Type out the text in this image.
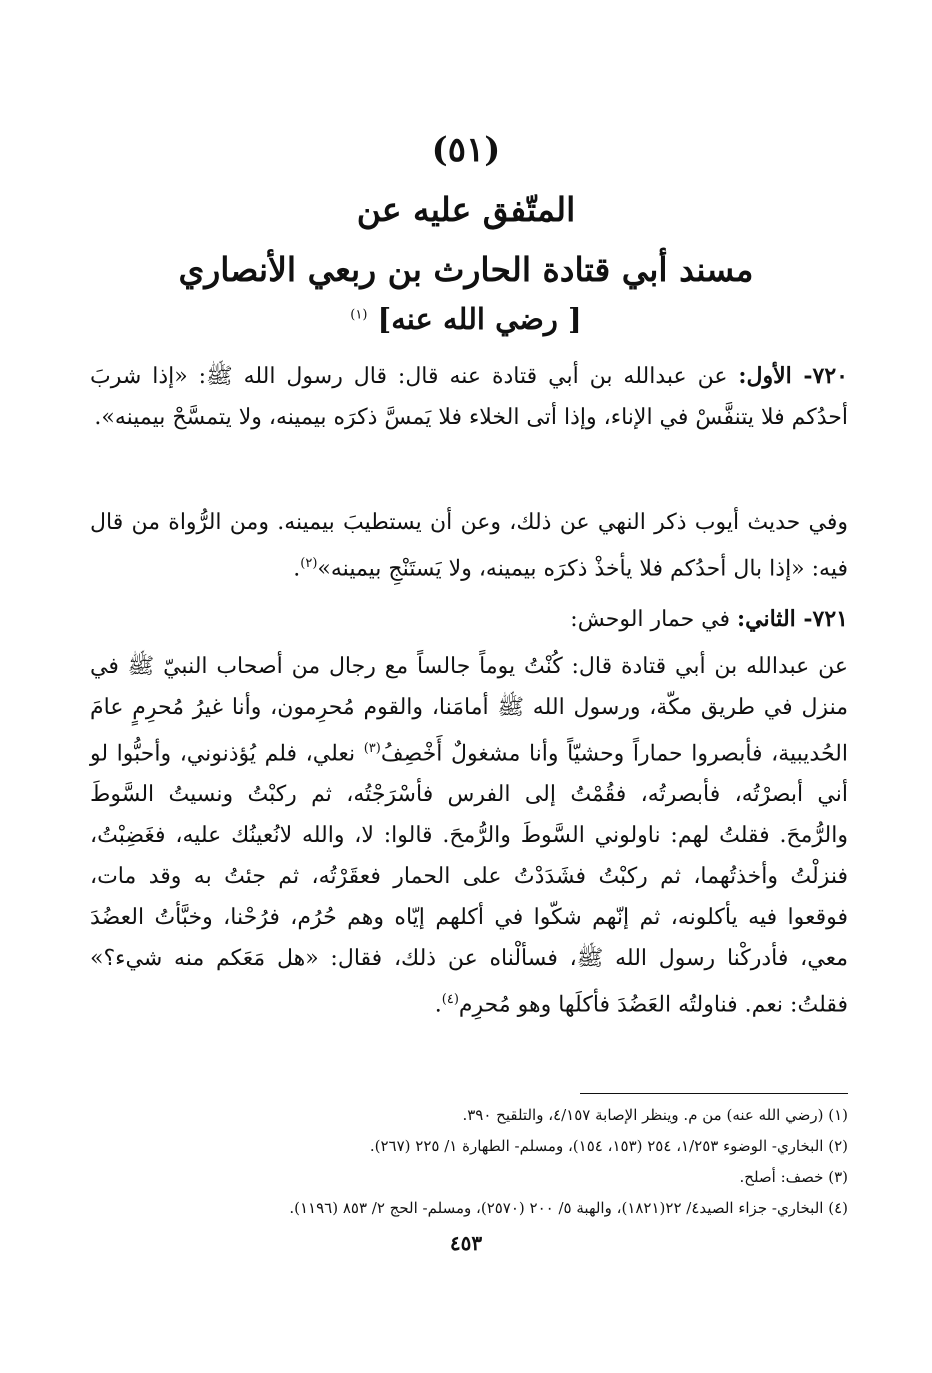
(٥١)
المتّفق عليه عن
مسند أبي قتادة الحارث بن ربعي الأنصاري
[ رضي الله عنه] $^{(١)}$
٧٢٠- الأول: عن عبدالله بن أبي قتادة عنه قال: قال رسول الله ﷺ: «إذا شربَ أحدُكم فلا يتنفَّسْ في الإناء، وإذا أتى الخلاء فلا يَمسَّ ذكرَه بيمينه، ولا يتمسَّحْ بيمينه».
وفي حديث أيوب ذكر النهي عن ذلك، وعن أن يستطيبَ بيمينه. ومن الرُّواة من قال فيه: «إذا بال أحدُكم فلا يأخذْ ذكرَه بيمينه، ولا يَستَنْجِ بيمينه»$^{(٢)}$.
٧٢١- الثاني: في حمار الوحش:
عن عبدالله بن أبي قتادة قال: كُنْتُ يوماً جالساً مع رجال من أصحاب النبيّ ﷺ في منزل في طريق مكّة، ورسول الله ﷺ أمامَنا، والقوم مُحرِمون، وأنا غيرُ مُحرِمٍ عامَ الحُديبية، فأبصروا حماراً وحشيّاً وأنا مشغولٌ أَخْصِفُ$^{(٣)}$ نعلي، فلم يُؤذنوني، وأحبُّوا لو أني أبصرْتُه، فأبصرتُه، فقُمْتُ إلى الفرس فأسْرَجْتُه، ثم ركبْتُ ونسيتُ السَّوطَ والرُّمحَ. فقلتُ لهم: ناولوني السَّوطَ والرُّمحَ. قالوا: لا، والله لانُعينُك عليه، فغَضِبْتُ، فنزلْتُ وأخذتُهما، ثم ركبْتُ فشَدَدْتُ على الحمار فعقَرْتُه، ثم جئتُ به وقد مات، فوقعوا فيه يأكلونه، ثم إنّهم شكّوا في أكلهم إيّاه وهم حُرُم، فرُحْنا، وخبَّأتُ العضُدَ معي، فأدركْنا رسول الله ﷺ، فسألْناه عن ذلك، فقال: «هل مَعَكم منه شيء؟» فقلتُ: نعم. فناولتُه العَضُدَ فأكلَها وهو مُحرِم$^{(٤)}$.
(١) (رضي الله عنه) من م. وينظر الإصابة ٤/١٥٧، والتلقيح ٣٩٠.
(٢) البخاري- الوضوء ١/٢٥٣، ٢٥٤ (١٥٣، ١٥٤)، ومسلم- الطهارة ١/ ٢٢٥ (٢٦٧).
(٣) خصف: أصلح.
(٤) البخاري- جزاء الصيد٤/ ٢٢(١٨٢١)، والهبة ٥/ ٢٠٠ (٢٥٧٠)، ومسلم- الحج ٢/ ٨٥٣ (١١٩٦).
٤٥٣
